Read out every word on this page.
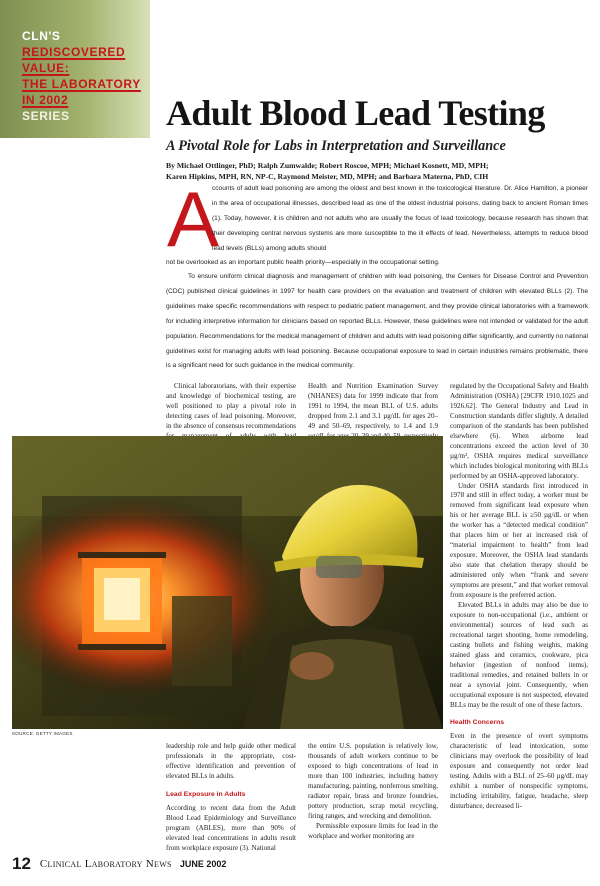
CLN'S
REDISCOVERED
VALUE:
THE LABORATORY
IN 2002
SERIES	Adult Blood Lead Testing
A Pivotal Role for Labs in Interpretation and Surveillance
By Michael Ottlinger, PhD; Ralph Zumwalde; Robert Roscoe, MPH; Michael Kosnett, MD, MPH;
Karen Hipkins, MPH, RN, NP-C, Raymond Meister, MD, MPH; and Barbara Materna, PhD, CIH
A

ccounts of adult lead poisoning are among the oldest and best known in the toxicological literature. Dr. Alice Hamilton, a pioneer in the area of occupational illnesses, described lead as one of the oldest industrial poisons, dating back to ancient Roman times (1). Today, however, it is children and not adults who are usually the focus of lead toxicology, because research has shown that their developing central nervous systems are more susceptible to the ill effects of lead. Nevertheless, attempts to reduce blood lead levels (BLLs) among adults should

not be overlooked as an important public health priority—especially in the occupational setting.

To ensure uniform clinical diagnosis and management of children with lead poisoning, the Centers for Disease Control and Prevention (CDC) published clinical guidelines in 1997 for health care providers on the evaluation and treatment of children with elevated BLLs (2). The guidelines make specific recommendations with respect to pediatric patient management, and they provide clinical laboratories with a framework for including interpretive information for clinicians based on reported BLLs. However, these guidelines were not intended or validated for the adult population. Recommendations for the medical management of children and adults with lead poisoning differ significantly, and currently no national guidelines exist for managing adults with lead poisoning. Because occupational exposure to lead in certain industries remains problematic, there is a significant need for such guidance in the medical community.

Clinical laboratorians, with their expertise and knowledge of biochemical testing, are well positioned to play a pivotal role in detecting cases of lead poisoning. Moreover, in the absence of consensus recommendations

Health and Nutrition Examination Survey (NHANES) data for 1999 indicate that from 1991 to 1994, the mean BLL of U.S. adults dropped from 2.1 and 3.1 µg/dL for ages 20–49 and 50–69, respectively, to 1.4 and 1.9

regulated by the Occupational Safety and Health Administration (OSHA) [29CFR 1910.1025 and 1926.62]. The General Industry and Lead in Construction standards differ slightly. A detailed comparison of the standards has been published elsewhere (6). When airborne lead concentrations exceed the action level of 30 µg/m³, OSHA requires medical surveillance which includes biological monitoring with BLLs performed by an OSHA-approved laboratory.

Under OSHA standards first introduced in 1978 and still in effect today, a worker must be removed from significant lead exposure when his or her average BLL is ≥50 µg/dL or when the worker has a “detected medical condition” that places him or her at increased risk of “material impairment to health” from lead exposure. Moreover, the OSHA lead standards also state that chelation therapy should be administered only when “frank and severe symptoms are present,” and that worker removal from exposure is the preferred action.

Elevated BLLs in adults may also be due to exposure to non-occupational (i.e., ambient or environmental) sources of lead such as recreational target shooting, home remodeling, casting bullets and fishing weights, making stained glass and ceramics, cookware, pica behavior (ingestion of nonfood items), traditional remedies, and retained bullets in or near a synovial joint. Consequently, when occupational exposure is not suspected, elevated BLLs may be the result of one of these factors.

Health Concerns

Even in the presence of overt symptoms characteristic of lead intoxication, some clinicians may overlook the possibility of lead exposure and consequently not order lead testing. Adults with a BLL of 25–60 µg/dL may exhibit a number of nonspecific symptoms, including irritability, fatigue, headache, sleep disturbance, decreased li-

SOURCE: GETTY IMAGES

leadership role and help guide other medical professionals in the appropriate, cost-effective identification and prevention of elevated BLLs in adults.

Lead Exposure in Adults

According to recent data from the Adult Blood Lead Epidemiology and Surveillance program (ABLES), more than 90% of elevated lead concentrations in adults result from workplace exposure (3). National

the entire U.S. population is relatively low, thousands of adult workers continue to be exposed to high concentrations of lead in more than 100 industries, including battery manufacturing, painting, nonferrous smelting, radiator repair, brass and bronze foundries, pottery production, scrap metal recycling, firing ranges, and wrecking and demolition.

Permissible exposure limits for lead in the workplace and worker monitoring are

12 Clinical Laboratory News JUNE 2002
